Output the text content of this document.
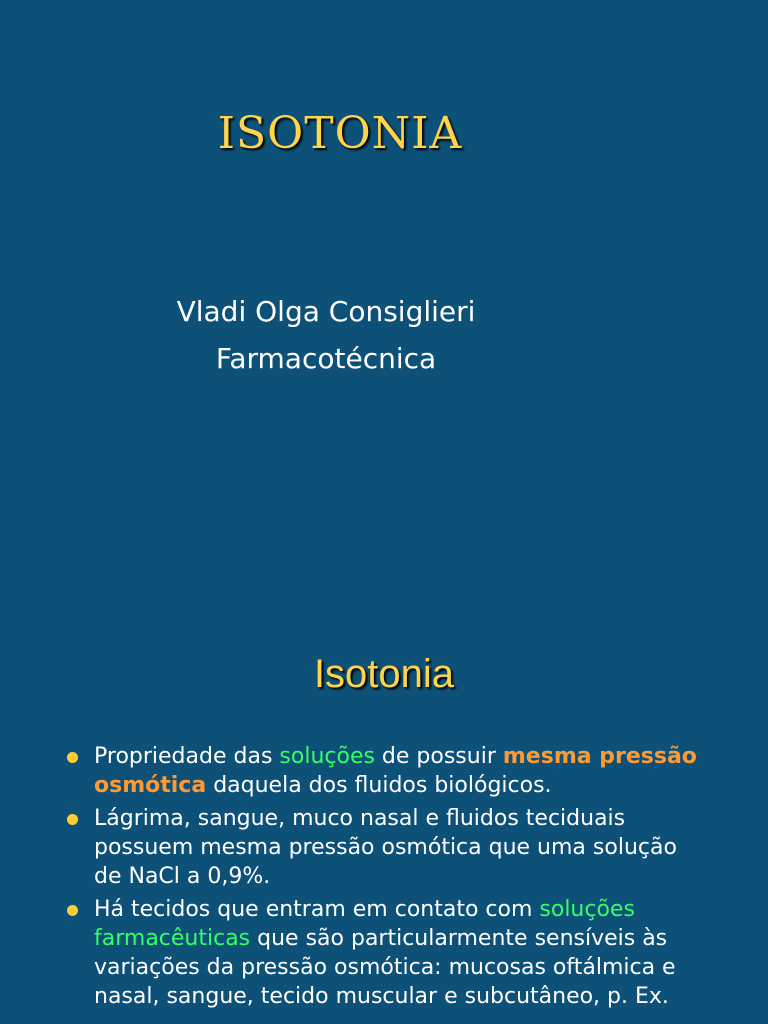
ISOTONIA
Vladi Olga Consiglieri
Farmacotécnica
Isotonia
Propriedade das soluções de possuir mesma pressão osmótica daquela dos fluidos biológicos.
Lágrima, sangue, muco nasal e fluidos teciduais possuem mesma pressão osmótica que uma solução de NaCl a 0,9%.
Há tecidos que entram em contato com soluções farmacêuticas que são particularmente sensíveis às variações da pressão osmótica: mucosas oftálmica e nasal, sangue, tecido muscular e subcutâneo, p. Ex.
